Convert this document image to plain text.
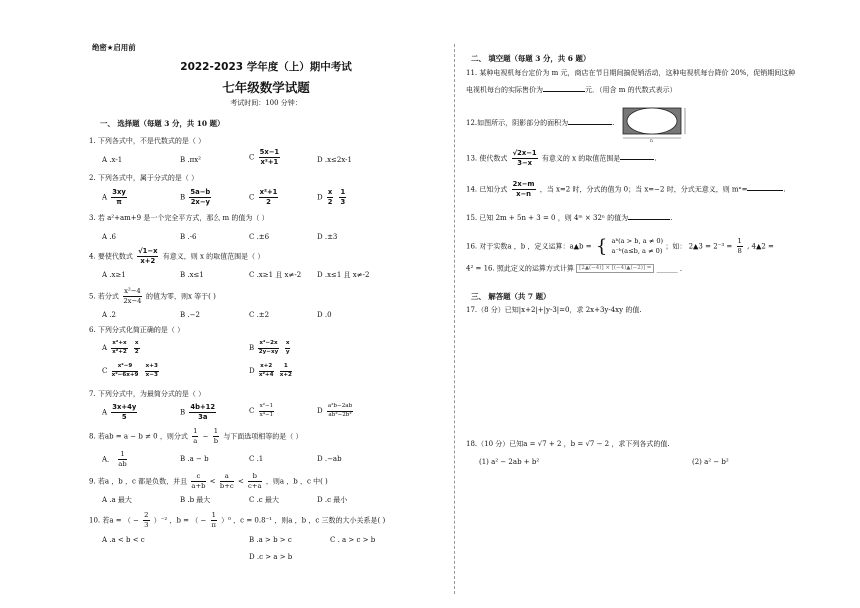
绝密★启用前
2022-2023 学年度（上）期中考试
七年级数学试题
考试时间：100 分钟：
一、 选择题（每题 3 分，共 10 题）
1. 下列各式中，不是代数式的是（ ）
A .x-1	B .πx²	C $\frac{5x-1}{\text{x²+1}}$	D .x≤2x-1
2. 下列各式中，属于分式的是（ ）
A $\frac{3xy}{\pi}$	B $\frac{5a-b}{2x-y}$	C $\frac{\text{x²+1}}{2}$	D $\frac{x}{2}$
$\frac{1}{3}$
3. 若 a²+am+9 是一个完全平方式，那么 m 的值为（ ）
A .6	B .-6	C .±6	D .±3
4. 要使代数式 $\frac{√1-x}{x+2}$ 有意义，则 x 的取值范围是（ ）
A .x≥1	B .x≤1	C .x≥1 且 x≠-2 D .x≤1 且 x≠-2
5. 若分式 $\frac{\text{x²−4}}{2x-4}$ 的值为零，则x 等于( )
A .2	B .−2	C .±2	D .0
6. 下列分式化简正确的是（ ）
A $\frac{\text{x²+x}}{\text{x²+2}}$
$\frac{x}{2}$	B $\frac{\text{x²−2x}}{2y-xy}$
$\frac{x}{y}$
C $\frac{\text{x²−9}}{\text{x²−6x+9}}$
$\frac{x+3}{x-3}$	D $\frac{x+2}{\text{x²+4}}$
$\frac{1}{x+2}$
7. 下列分式中，为最简分式的是（ ）
A $\frac{3x+4y}{5}$	B $\frac{4b+12}{3a}$	C $\frac{\text{x²−1}}{\text{x⁴−1}}$	D $\frac{\text{a²b−2ab}}{\text{ab²−2b²}}$
8. 若ab = a − b ≠ 0 ，则分式 $\frac{1}{a} - \frac{1}{b}$ 与下面选项相等的是（ ）
A． $\frac{1}{ab}$	B .a − b	C .1	D .−ab
9. 若a ，b ，c 都是负数，并且 $\frac{c}{a+b} < \frac{a}{b+c} < \frac{b}{c+a}$ ，则a ，b ，c 中( )
A .a 最大	B .b 最大	C .c 最大	D .c 最小
10. 若a = （ − $\frac{2}{3} )^{-2}$ ，b = （ − $\frac{1}{\pi} )^0$ ，c = 0.8⁻¹ ，则a ，b ，c 三数的大小关系是( )
A .a < b < c	B .a > b > c	C . a > c > b
D .c > a > b
二、 填空题（每题 3 分，共 6 题）
11. 某种电视机每台定价为 m 元，商店在节日期间搞促销活动，这种电视机每台降价 20%，促销期间这种
电视机每台的实际售价为	元．（用含 m 的代数式表示）
12.如图所示，阴影部分的面积为	.
n
13. 使代数式 $\frac{√2x-1}{3-x}$ 有意义的 x 的取值范围是	.
14. 已知分式 $\frac{2x-m}{x-n}$ ，当 x=2 时，分式的值为 0；当 x=−2 时，分式无意义，则 mⁿ=	.
15. 已知 2m + 5n + 3 = 0 ，则 4ᵐ × 32ⁿ 的值为	.
16. 对于实数a ，b ，定义运算：a▲b = { aᵇ(a > b, a ≠ 0)
a⁻ᵇ(a≤b, a ≠ 0) ；如： 2▲3 = $2^{-3} = \frac{1}{8}$ , 4▲2 =
4² = 16. 照此定义的运算方式计算 [2▲(−4)] × [(−4)▲(−2)] = ______ ．
三、 解答题（共 7 题）
17.（8 分）已知|x+2|+|y-3|=0，求 2x+3y-4xy 的值.
18.（10 分）已知a = √7 + 2 ，b = √7 − 2 ，求下列各式的值.
(1) a² − 2ab + b²	(2) a² − b²
